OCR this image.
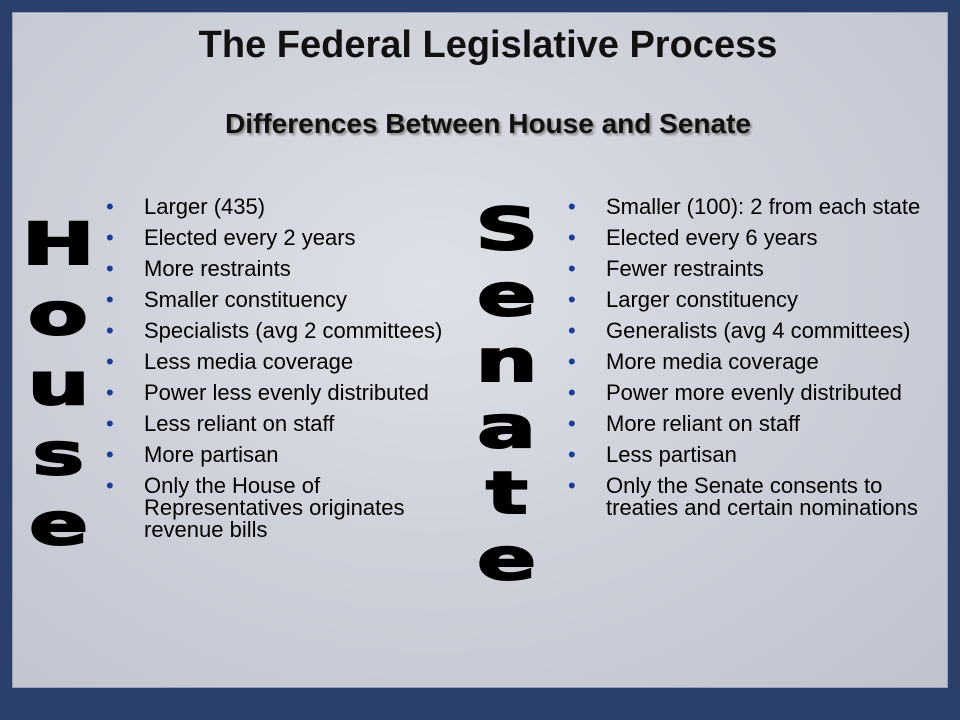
The Federal Legislative Process
Differences Between House and Senate
H
o
u
s
e
S
e
n
a
t
e
• Larger (435)
• Elected every 2 years
• More restraints
• Smaller constituency
• Specialists (avg 2 committees)
• Less media coverage
• Power less evenly distributed
• Less reliant on staff
• More partisan
• Only the House of Representatives originates revenue bills
• Smaller (100): 2 from each state
• Elected every 6 years
• Fewer restraints
• Larger constituency
• Generalists (avg 4 committees)
• More media coverage
• Power more evenly distributed
• More reliant on staff
• Less partisan
• Only the Senate consents to treaties and certain nominations
